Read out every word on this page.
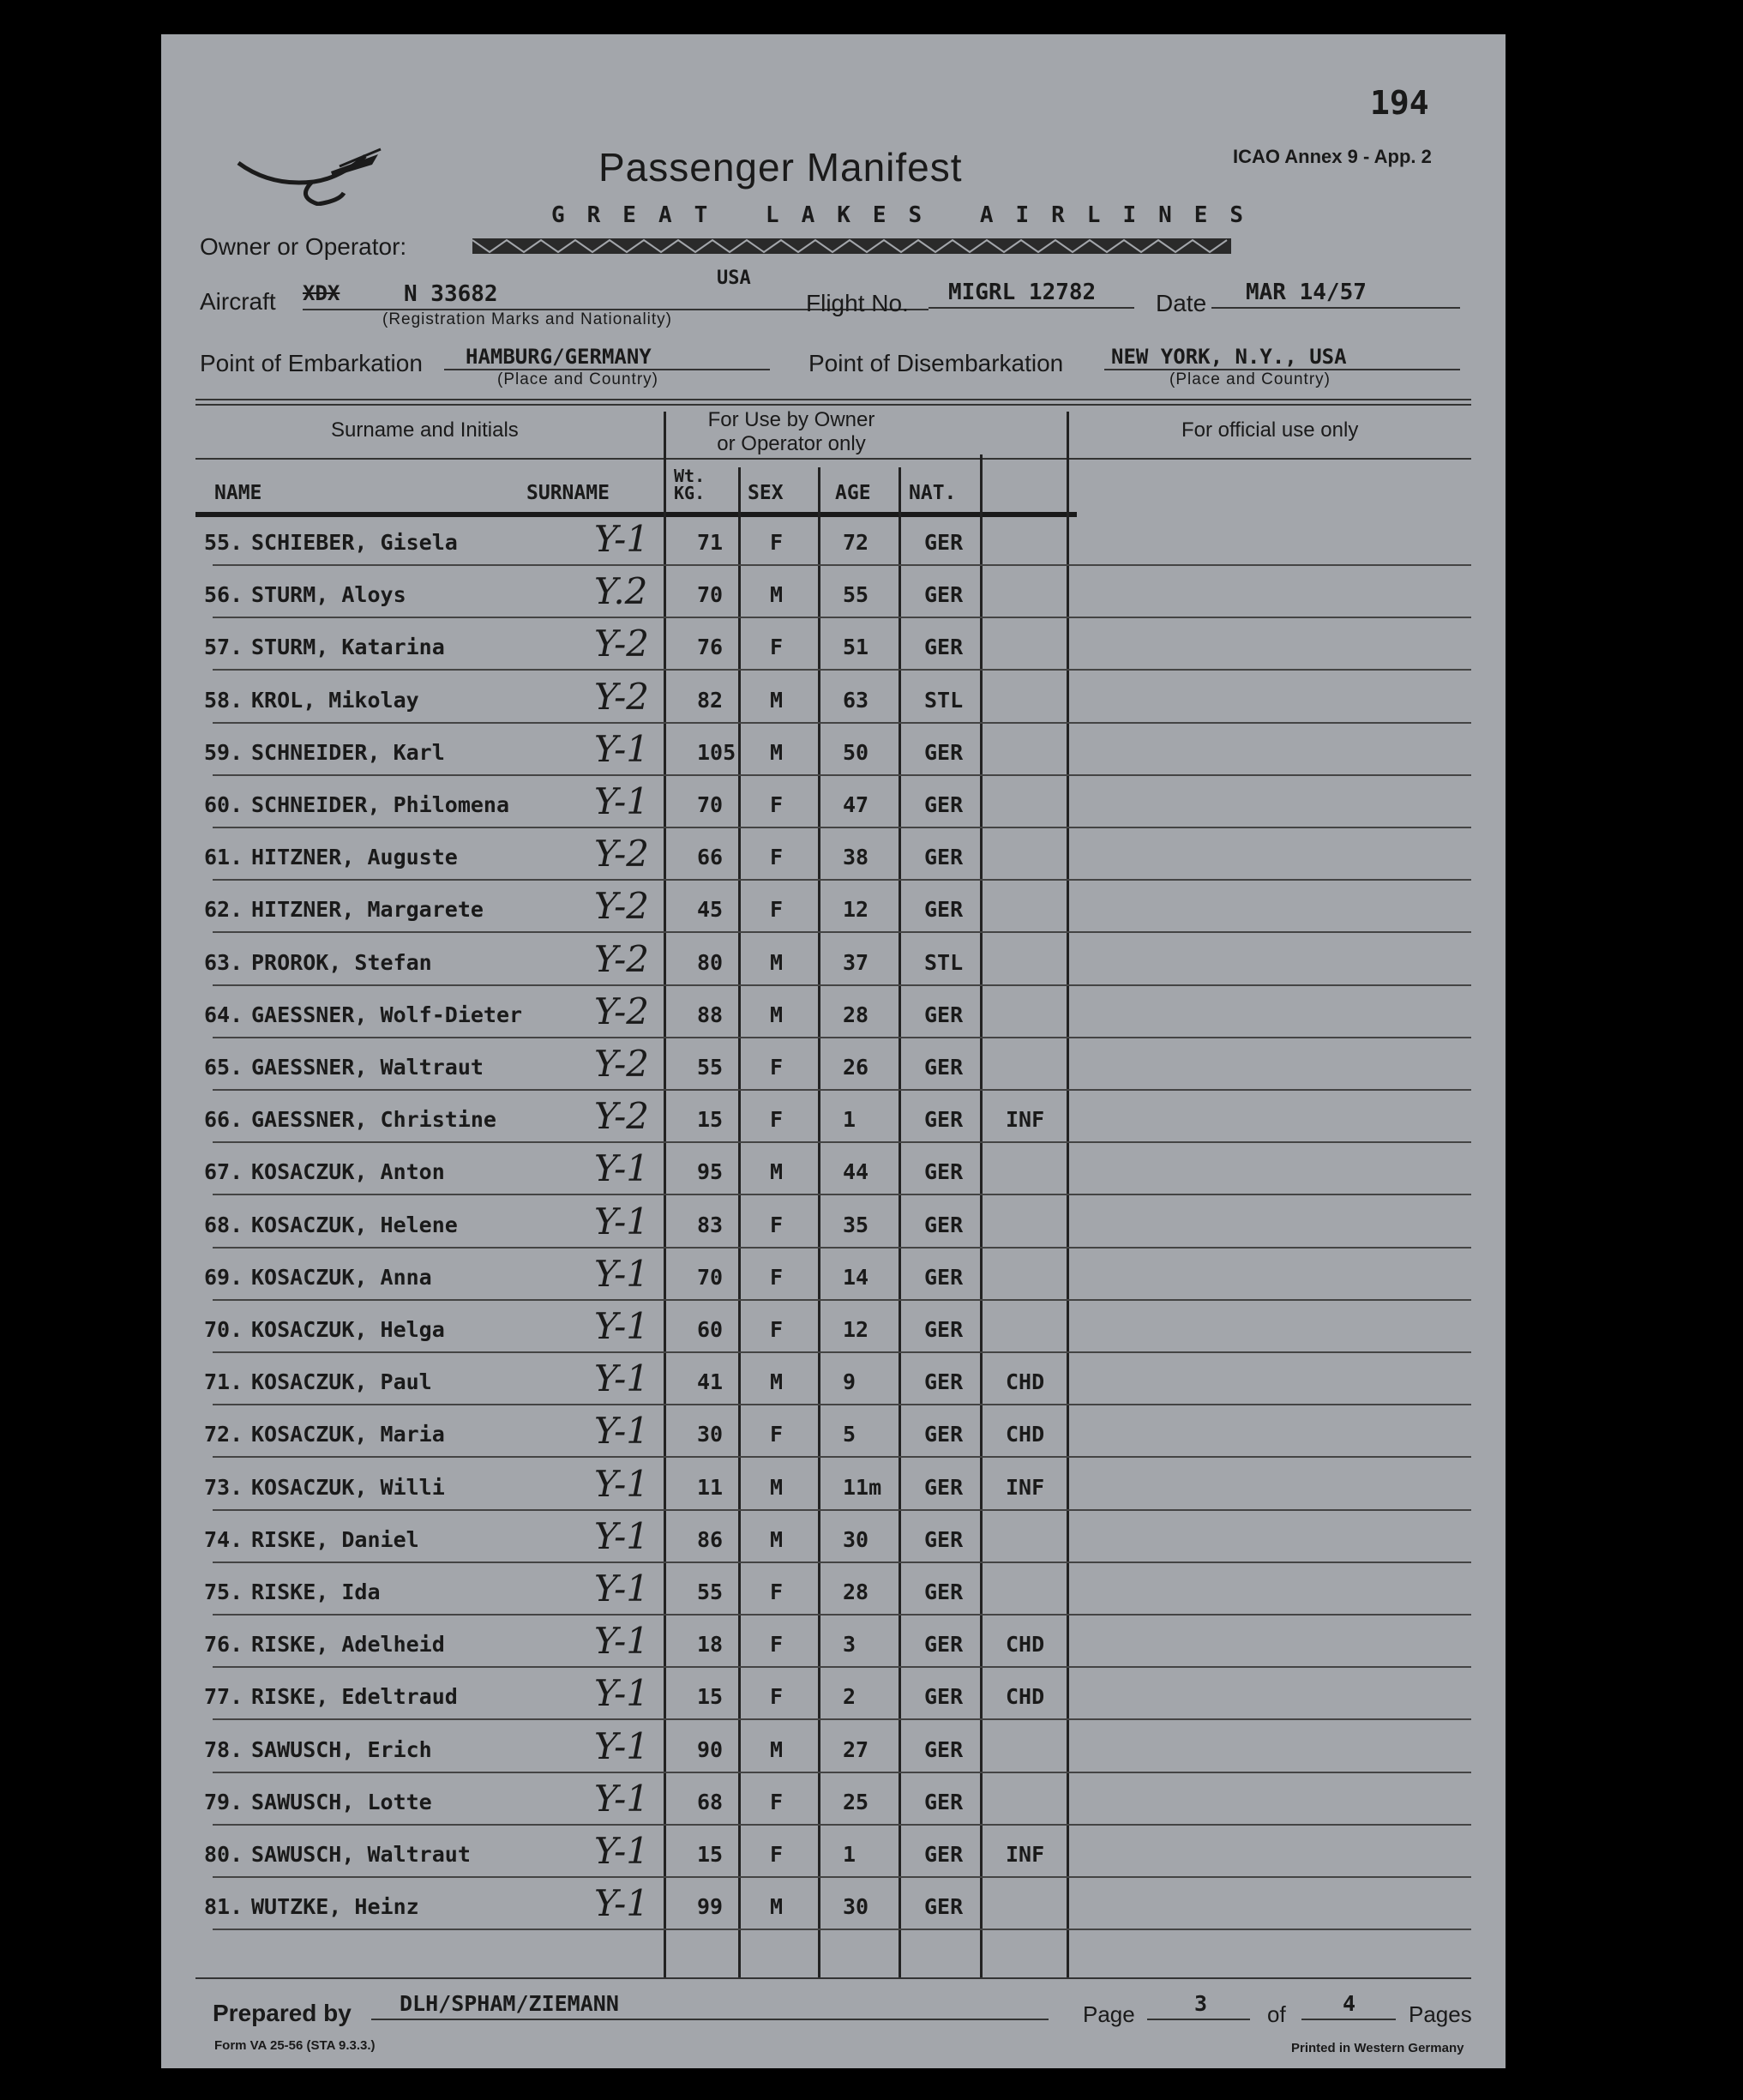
194
Passenger Manifest	ICAO Annex 9 - App. 2
GREAT LAKES AIRLINES
Owner or Operator:
Aircraft XDX	N 33682
USA
(Registration Marks and Nationality)
Flight No. MIGRL 12782 Date MAR 14/57
Point of Embarkation HAMBURG/GERMANY
(Place and Country)
Point of Disembarkation NEW YORK, N.Y., USA
(Place and Country)
Surname and Initials	For Use by Owner
or Operator only
For official use only
NAME	SURNAME
Wt. KG.	SEX	AGE NAT.
55. SCHIEBER, Gisela	Y-1 71 F	72	GER
56. STURM, Aloys	Y.2 70 M	55	GER
57. STURM, Katarina	Y-2 76 F	51	GER
58. KROL, Mikolay	Y-2 82 M	63	STL
59. SCHNEIDER, Karl	Y-1 105 M	50	GER
60. SCHNEIDER, Philomena Y-1 70 F	47	GER
61. HITZNER, Auguste	Y-2 66 F	38	GER
62. HITZNER, Margarete	Y-2 45 F	12	GER
63. PROROK, Stefan	Y-2 80 M	37	STL
64. GAESSNER, Wolf-Dieter Y-2 88 M	28	GER
65. GAESSNER, Waltraut	Y-2 55 F	26	GER
66. GAESSNER, Christine	Y-2 15 F	1	GER INF
67. KOSACZUK, Anton	Y-1 95 M	44	GER
68. KOSACZUK, Helene	Y-1 83 F	35	GER
69. KOSACZUK, Anna	Y-1 70 F	14	GER
70. KOSACZUK, Helga	Y-1 60 F	12	GER
71. KOSACZUK, Paul	Y-1 41 M	9	GER CHD
72. KOSACZUK, Maria	Y-1 30 F	5	GER CHD
73. KOSACZUK, Willi	Y-1 11 M	11m GER INF
74. RISKE, Daniel	Y-1 86 M	30	GER
75. RISKE, Ida	Y-1 55 F	28	GER
76. RISKE, Adelheid	Y-1 18 F	3	GER CHD
77. RISKE, Edeltraud	Y-1 15 F	2	GER CHD
78. SAWUSCH, Erich	Y-1 90 M	27	GER
79. SAWUSCH, Lotte	Y-1 68 F	25	GER
80. SAWUSCH, Waltraut	Y-1 15 F	1	GER INF
81. WUTZKE, Heinz	Y-1 99 M	30	GER
Prepared by DLH/SPHAM/ZIEMANN	Page	3	of	4 Pages
Form VA 25-56 (STA 9.3.3.)	Printed in Western Germany
